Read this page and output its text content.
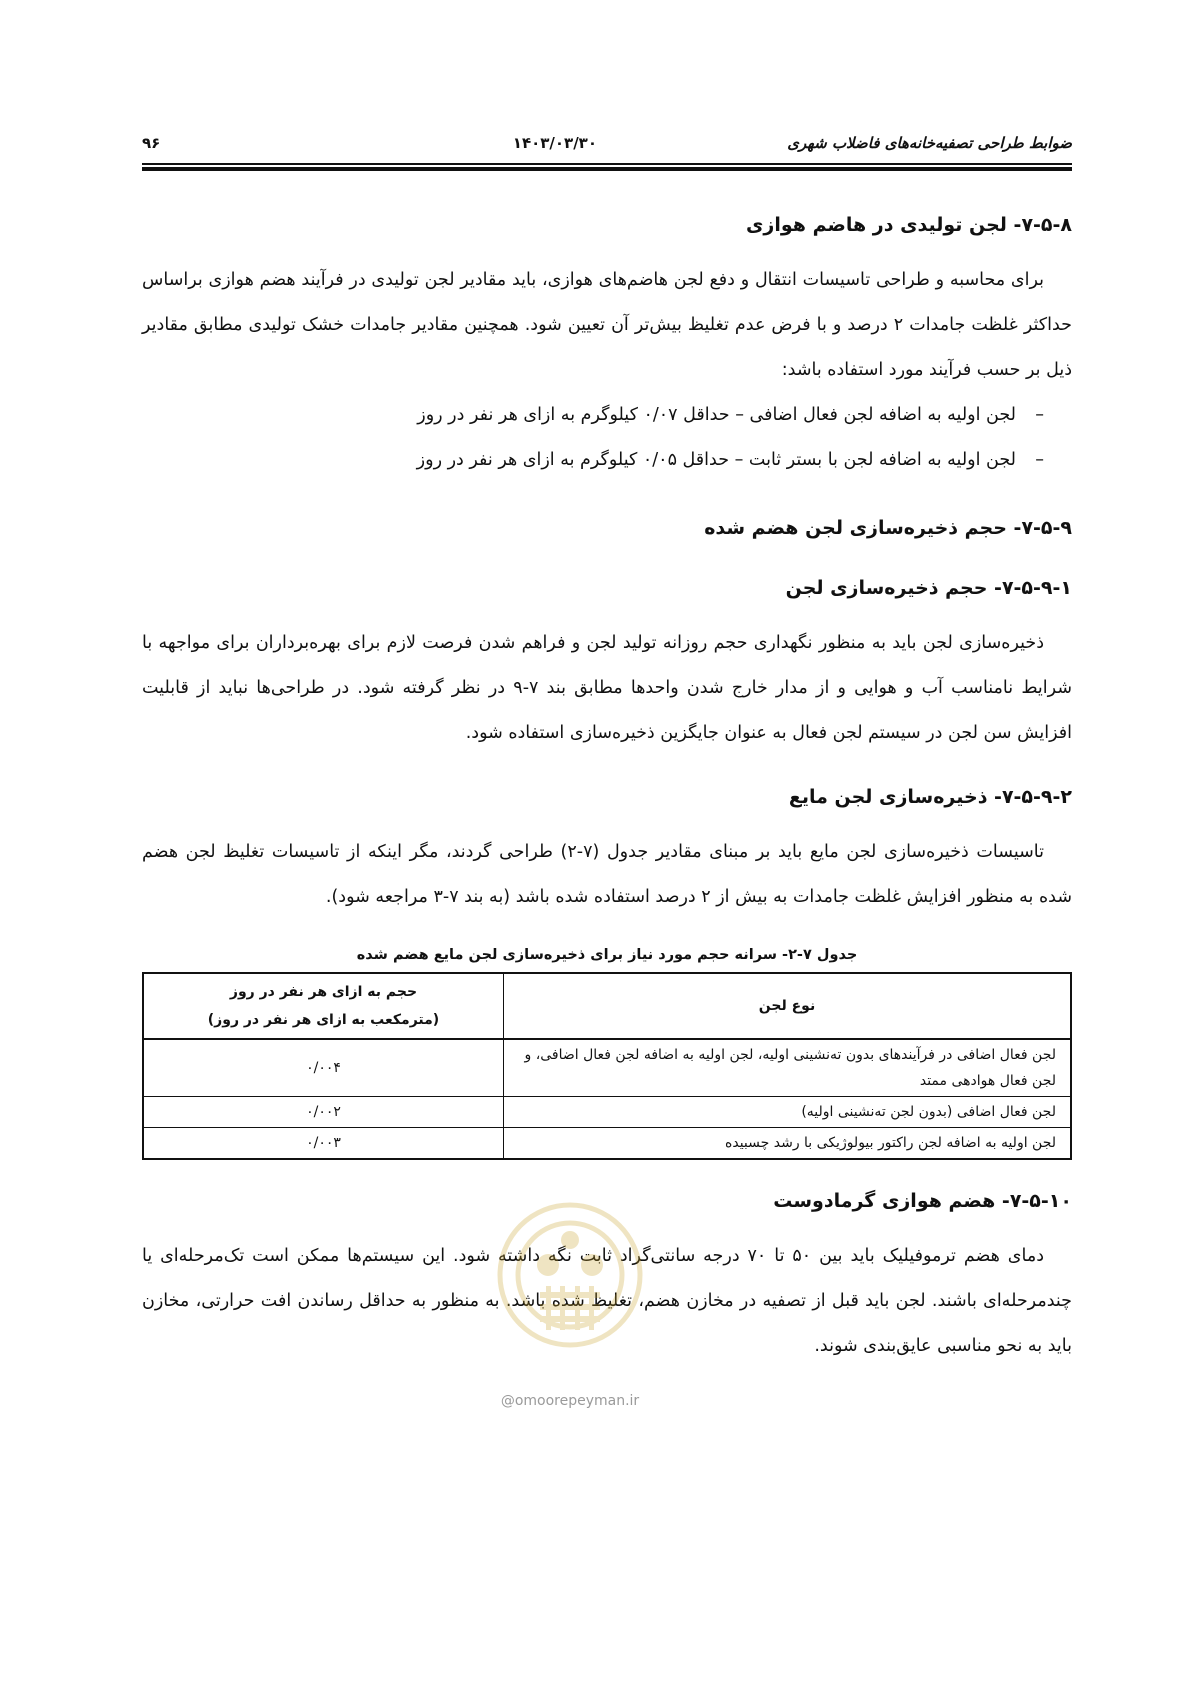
ضوابط طراحی تصفیه‌خانه‌های فاضلاب شهری
۱۴۰۳/۰۳/۳۰
۹۶
۷-۵-۸- لجن تولیدی در هاضم هوازی

برای محاسبه و طراحی تاسیسات انتقال و دفع لجن هاضم‌های هوازی، باید مقادیر لجن تولیدی در فرآیند هضم هوازی براساس حداکثر غلظت جامدات ۲ درصد و با فرض عدم تغلیظ بیش‌تر آن تعیین شود. همچنین مقادیر جامدات خشک تولیدی مطابق مقادیر ذیل بر حسب فرآیند مورد استفاده باشد:

–لجن اولیه به اضافه لجن فعال اضافی – حداقل ۰/۰۷ کیلوگرم به ازای هر نفر در روز
–لجن اولیه به اضافه لجن با بستر ثابت – حداقل ۰/۰۵ کیلوگرم به ازای هر نفر در روز
۷-۵-۹- حجم ذخیره‌سازی لجن هضم شده
۷-۵-۹-۱- حجم ذخیره‌سازی لجن

ذخیره‌سازی لجن باید به منظور نگهداری حجم روزانه تولید لجن و فراهم شدن فرصت لازم برای بهره‌برداران برای مواجهه با شرایط نامناسب آب و هوایی و از مدار خارج شدن واحدها مطابق بند ۷-۹ در نظر گرفته شود. در طراحی‌ها نباید از قابلیت افزایش سن لجن در سیستم لجن فعال به عنوان جایگزین ذخیره‌سازی استفاده شود.

۷-۵-۹-۲- ذخیره‌سازی لجن مایع

تاسیسات ذخیره‌سازی لجن مایع باید بر مبنای مقادیر جدول (۷-۲) طراحی گردند، مگر اینکه از تاسیسات تغلیظ لجن هضم شده به منظور افزایش غلظت جامدات به بیش از ۲ درصد استفاده شده باشد (به بند ۷-۳ مراجعه شود).

جدول ۷-۲- سرانه حجم مورد نیاز برای ذخیره‌سازی لجن مایع هضم شده
نوع لجن	حجم به ازای هر نفر در روز
(مترمکعب به ازای هر نفر در روز)

لجن فعال اضافی در فرآیندهای بدون ته‌نشینی اولیه، لجن اولیه به اضافه لجن فعال اضافی، و لجن فعال هوادهی ممتد	۰/۰۰۴
لجن فعال اضافی (بدون لجن ته‌نشینی اولیه)	۰/۰۰۲
لجن اولیه به اضافه لجن راکتور بیولوژیکی با رشد چسبیده	۰/۰۰۳
۷-۵-۱۰- هضم هوازی گرمادوست

دمای هضم ترموفیلیک باید بین ۵۰ تا ۷۰ درجه سانتی‌گراد ثابت نگه داشته شود. این سیستم‌ها ممکن است تک‌مرحله‌ای یا چندمرحله‌ای باشند. لجن باید قبل از تصفیه در مخازن هضم، تغلیظ شده باشد. به منظور به حداقل رساندن افت حرارتی، مخازن باید به نحو مناسبی عایق‌بندی شوند.

@omoorepeyman.ir
